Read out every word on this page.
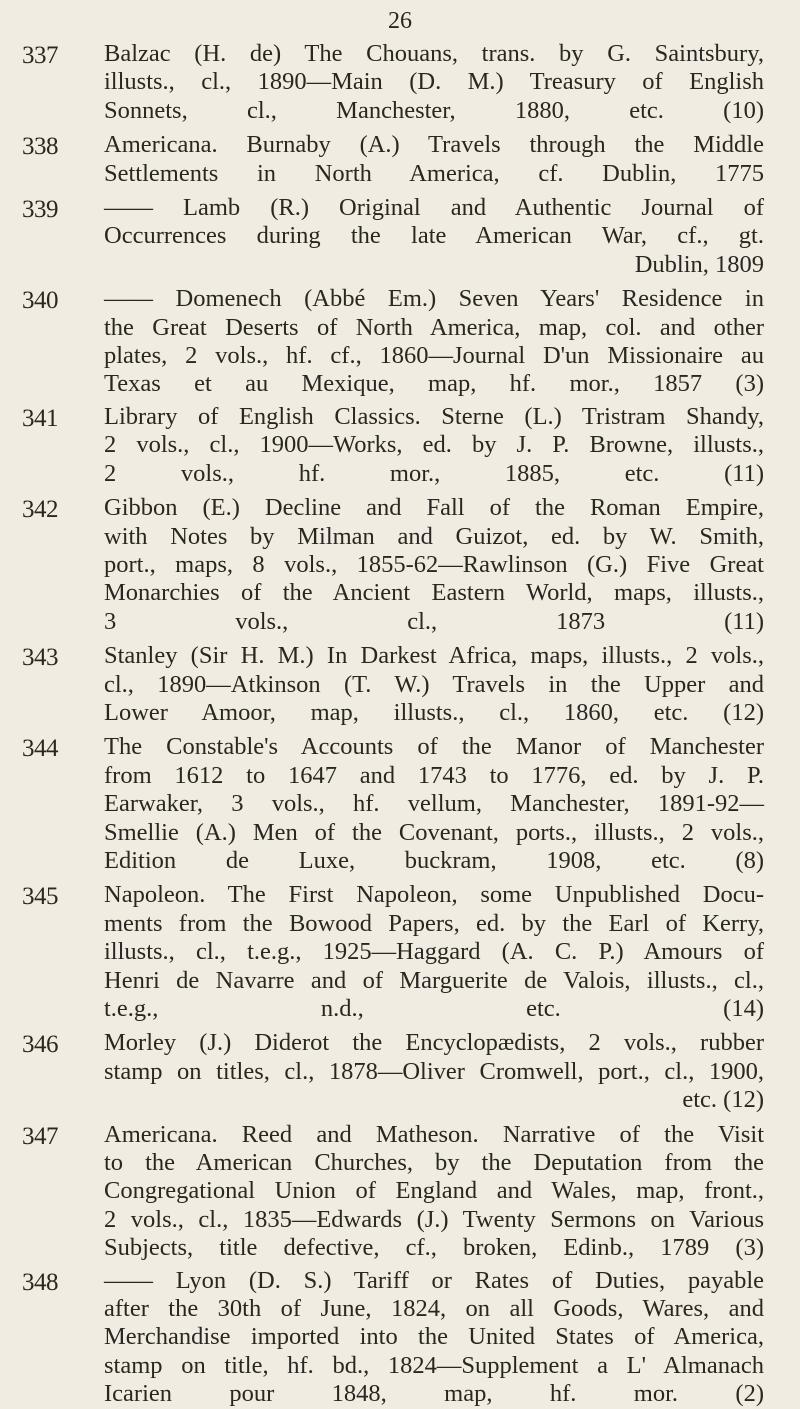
26
337	Balzac (H. de) The Chouans, trans. by G. Saintsbury,
illusts., cl., 1890—Main (D. M.) Treasury of English
Sonnets, cl., Manchester, 1880, etc. (10)
338	Americana. Burnaby (A.) Travels through the Middle
Settlements in North America, cf. Dublin, 1775
339	—— Lamb (R.) Original and Authentic Journal of
Occurrences during the late American War, cf., gt.
Dublin, 1809
340	—— Domenech (Abbé Em.) Seven Years' Residence in
the Great Deserts of North America, map, col. and other
plates, 2 vols., hf. cf., 1860—Journal D'un Missionaire au
Texas et au Mexique, map, hf. mor., 1857 (3)
341	Library of English Classics. Sterne (L.) Tristram Shandy,
2 vols., cl., 1900—Works, ed. by J. P. Browne, illusts.,
2 vols., hf. mor., 1885, etc. (11)
342	Gibbon (E.) Decline and Fall of the Roman Empire,
with Notes by Milman and Guizot, ed. by W. Smith,
port., maps, 8 vols., 1855-62—Rawlinson (G.) Five Great
Monarchies of the Ancient Eastern World, maps, illusts.,
3 vols., cl., 1873 (11)
343	Stanley (Sir H. M.) In Darkest Africa, maps, illusts., 2 vols.,
cl., 1890—Atkinson (T. W.) Travels in the Upper and
Lower Amoor, map, illusts., cl., 1860, etc. (12)
344	The Constable's Accounts of the Manor of Manchester
from 1612 to 1647 and 1743 to 1776, ed. by J. P.
Earwaker, 3 vols., hf. vellum, Manchester, 1891-92—
Smellie (A.) Men of the Covenant, ports., illusts., 2 vols.,
Edition de Luxe, buckram, 1908, etc. (8)
345	Napoleon. The First Napoleon, some Unpublished Docu-
ments from the Bowood Papers, ed. by the Earl of Kerry,
illusts., cl., t.e.g., 1925—Haggard (A. C. P.) Amours of
Henri de Navarre and of Marguerite de Valois, illusts., cl.,
t.e.g., n.d., etc. (14)
346	Morley (J.) Diderot the Encyclopædists, 2 vols., rubber
stamp on titles, cl., 1878—Oliver Cromwell, port., cl., 1900,
etc. (12)
347	Americana. Reed and Matheson. Narrative of the Visit
to the American Churches, by the Deputation from the
Congregational Union of England and Wales, map, front.,
2 vols., cl., 1835—Edwards (J.) Twenty Sermons on Various
Subjects, title defective, cf., broken, Edinb., 1789 (3)
348	—— Lyon (D. S.) Tariff or Rates of Duties, payable
after the 30th of June, 1824, on all Goods, Wares, and
Merchandise imported into the United States of America,
stamp on title, hf. bd., 1824—Supplement a L' Almanach
Icarien pour 1848, map, hf. mor. (2)
